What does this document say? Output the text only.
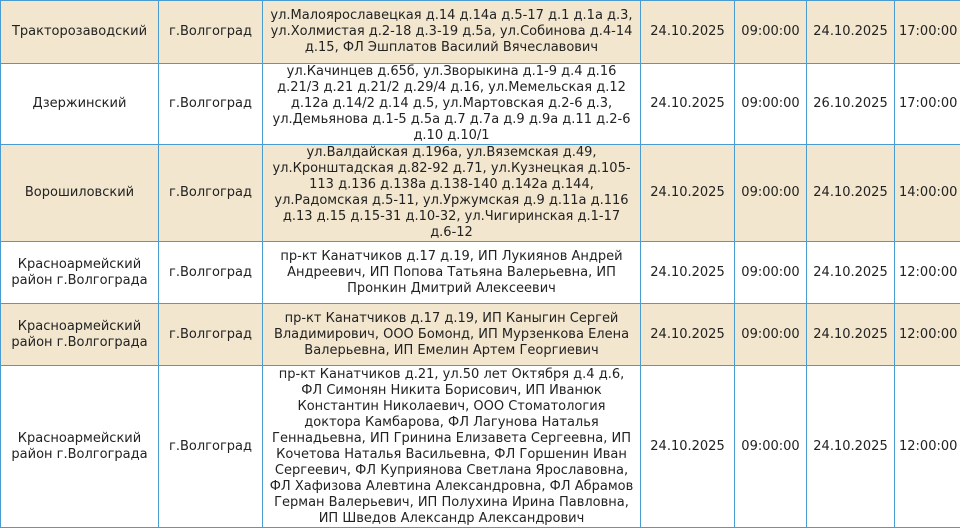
Тракторозаводский	г.Волгоград	ул.Малоярославецкая д.14 д.14а д.5-17 д.1 д.1а д.3, ул.Холмистая д.2-18 д.3-19 д.5а, ул.Собинова д.4-14 д.15, ФЛ Эшплатов Василий Вячеславович	24.10.2025	09:00:00	24.10.2025	17:00:00
Дзержинский	г.Волгоград	ул.Качинцев д.65б, ул.Зворыкина д.1-9 д.4 д.16 д.21/3 д.21 д.21/2 д.29/4 д.16, ул.Мемельская д.12 д.12а д.14/2 д.14 д.5, ул.Мартовская д.2-6 д.3, ул.Демьянова д.1-5 д.5а д.7 д.7а д.9 д.9а д.11 д.2-6 д.10 д.10/1	24.10.2025	09:00:00	26.10.2025	17:00:00
Ворошиловский	г.Волгоград	ул.Валдайская д.196а, ул.Вяземская д.49, ул.Кронштадская д.82-92 д.71, ул.Кузнецкая д.105-113 д.136 д.138а д.138-140 д.142а д.144, ул.Радомская д.5-11, ул.Уржумская д.9 д.11а д.116 д.13 д.15 д.15-31 д.10-32, ул.Чигиринская д.1-17 д.6-12	24.10.2025	09:00:00	24.10.2025	14:00:00
Красноармейский район г.Волгограда	г.Волгоград	пр-кт Канатчиков д.17 д.19, ИП Лукиянов Андрей Андреевич, ИП Попова Татьяна Валерьевна, ИП Пронкин Дмитрий Алексеевич	24.10.2025	09:00:00	24.10.2025	12:00:00
Красноармейский район г.Волгограда	г.Волгоград	пр-кт Канатчиков д.17 д.19, ИП Каныгин Сергей Владимирович, ООО Бомонд, ИП Мурзенкова Елена Валерьевна, ИП Емелин Артем Георгиевич	24.10.2025	09:00:00	24.10.2025	12:00:00
Красноармейский район г.Волгограда	г.Волгоград	пр-кт Канатчиков д.21, ул.50 лет Октября д.4 д.6, ФЛ Симонян Никита Борисович, ИП Иванюк Константин Николаевич, ООО Стоматология доктора Камбарова, ФЛ Лагунова Наталья Геннадьевна, ИП Гринина Елизавета Сергеевна, ИП Кочетова Наталья Васильевна, ФЛ Горшенин Иван Сергеевич, ФЛ Куприянова Светлана Ярославовна, ФЛ Хафизова Алевтина Александровна, ФЛ Абрамов Герман Валерьевич, ИП Полухина Ирина Павловна, ИП Шведов Александр Александрович	24.10.2025	09:00:00	24.10.2025	12:00:00
